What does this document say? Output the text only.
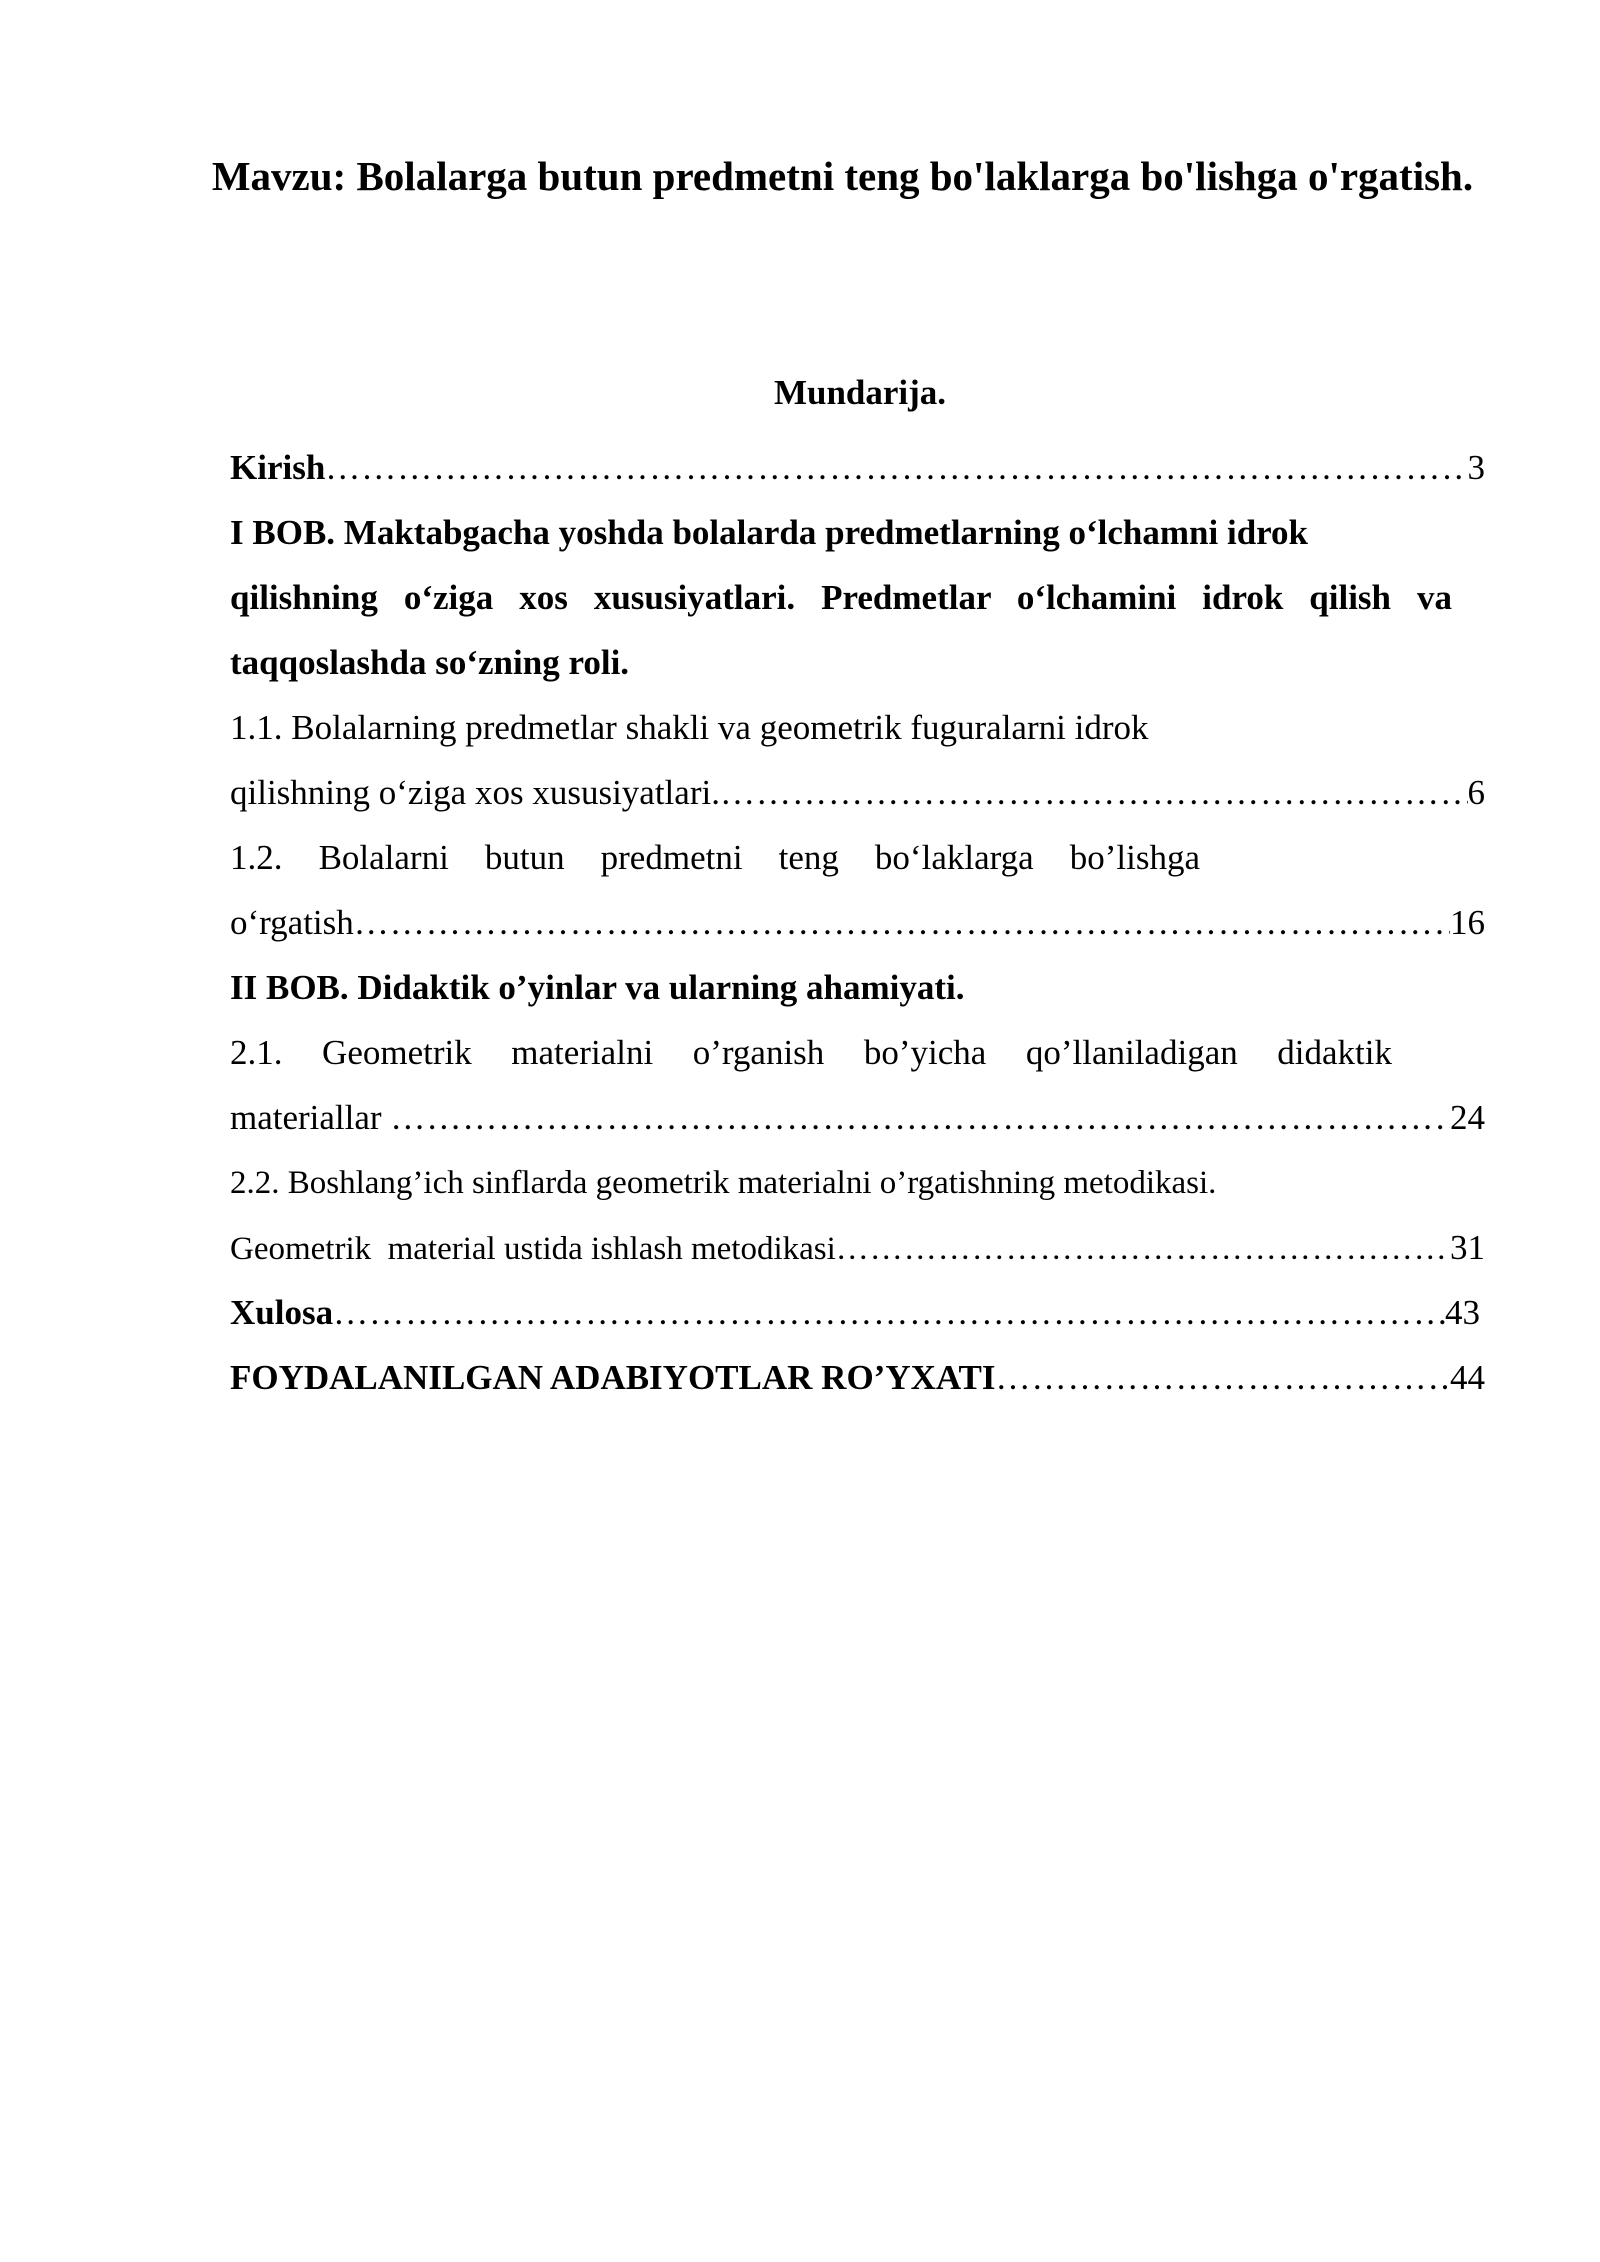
Mavzu: Bolalarga butun predmetni teng bo'laklarga bo'lishga o'rgatish.
Mundarija.
Kirish ………………………………………………………………………………………………………………………………………………………………………	3
I BOB. Maktabgacha yoshda bolalarda predmetlarning o‘lchamni idrok
qilishning o‘ziga xos xususiyatlari. Predmetlar o‘lchamini idrok qilish va
taqqoslashda so‘zning roli.
1.1. Bolalarning predmetlar shakli va geometrik fuguralarni idrok
qilishning o‘ziga xos xususiyatlari. ………………………………………………………………………………………………………………………………………………………………………	6
1.2. Bolalarni butun predmetni teng bo‘laklarga bo’lishga
o‘rgatish ………………………………………………………………………………………………………………………………………………………………………	16
II BOB. Didaktik o’yinlar va ularning ahamiyati.
2.1. Geometrik materialni o’rganish bo’yicha qo’llaniladigan didaktik
materiallar ………………………………………………………………………………………………………………………………………………………………………	24
2.2. Boshlang’ich sinflarda geometrik materialni o’rgatishning metodikasi.
Geometrik  material ustida ishlash metodikasi ………………………………………………………………………………………………………………………………………………………………………	31
Xulosa ………………………………………………………………………………………………………………………………………………………………………	43
FOYDALANILGAN ADABIYOTLAR RO’YXATI ………………………………………………………………………………………………………………………………………………………………………	44
